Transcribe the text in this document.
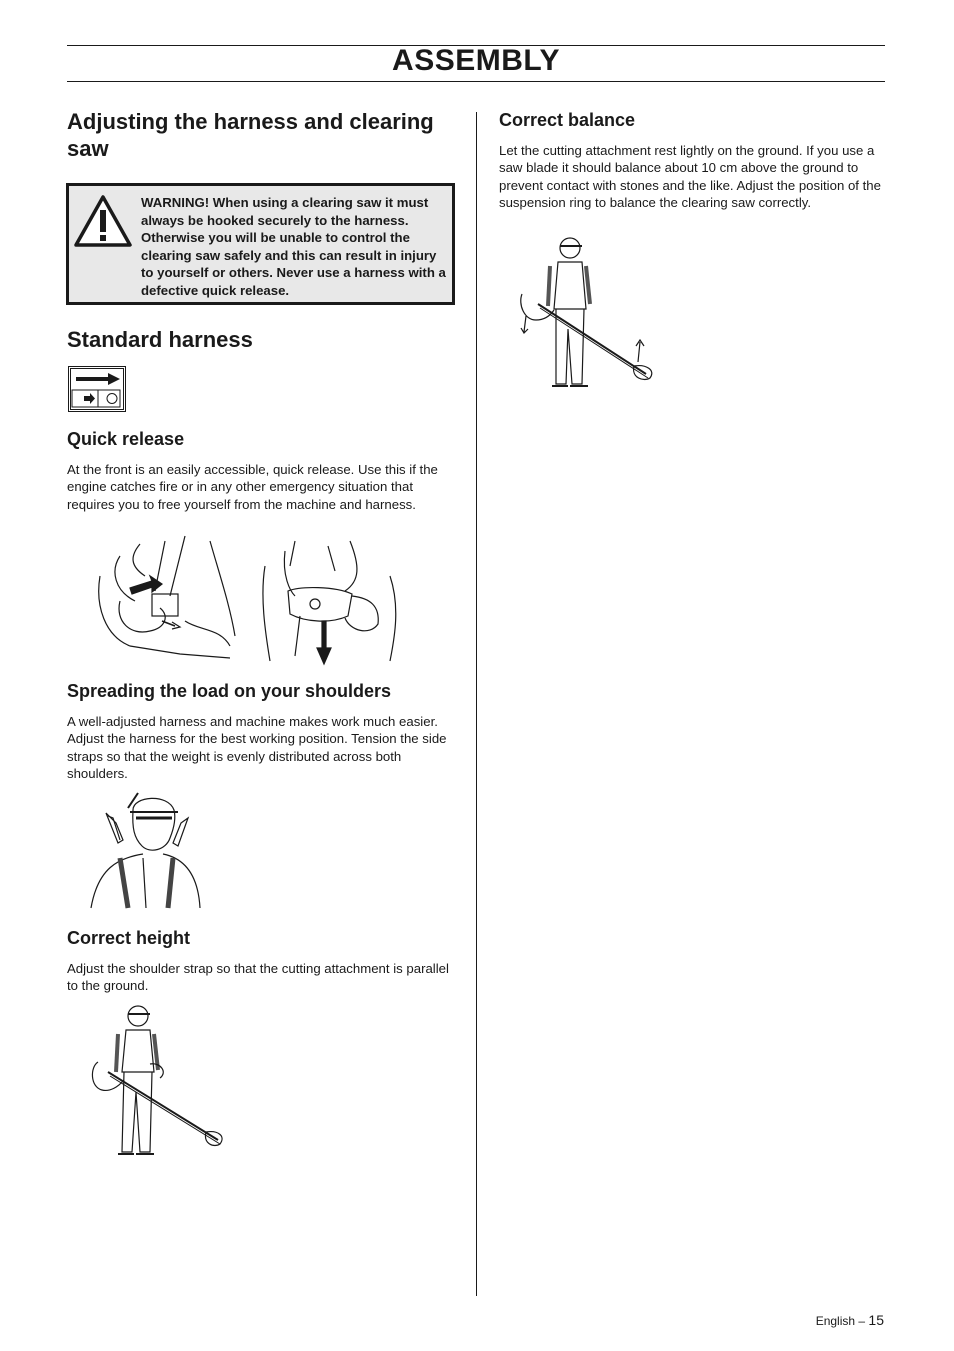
ASSEMBLY
Adjusting the harness and clearing saw

WARNING! When using a clearing saw it must always be hooked securely to the harness. Otherwise you will be unable to control the clearing saw safely and this can result in injury to yourself or others. Never use a harness with a defective quick release.

Standard harness
Quick release

At the front is an easily accessible, quick release. Use this if the engine catches fire or in any other emergency situation that requires you to free yourself from the machine and harness.

Spreading the load on your shoulders

A well-adjusted harness and machine makes work much easier. Adjust the harness for the best working position. Tension the side straps so that the weight is evenly distributed across both shoulders.

Correct height

Adjust the shoulder strap so that the cutting attachment is parallel to the ground.

Correct balance

Let the cutting attachment rest lightly on the ground. If you use a saw blade it should balance about 10 cm above the ground to prevent contact with stones and the like. Adjust the position of the suspension ring to balance the clearing saw correctly.

English – 15
